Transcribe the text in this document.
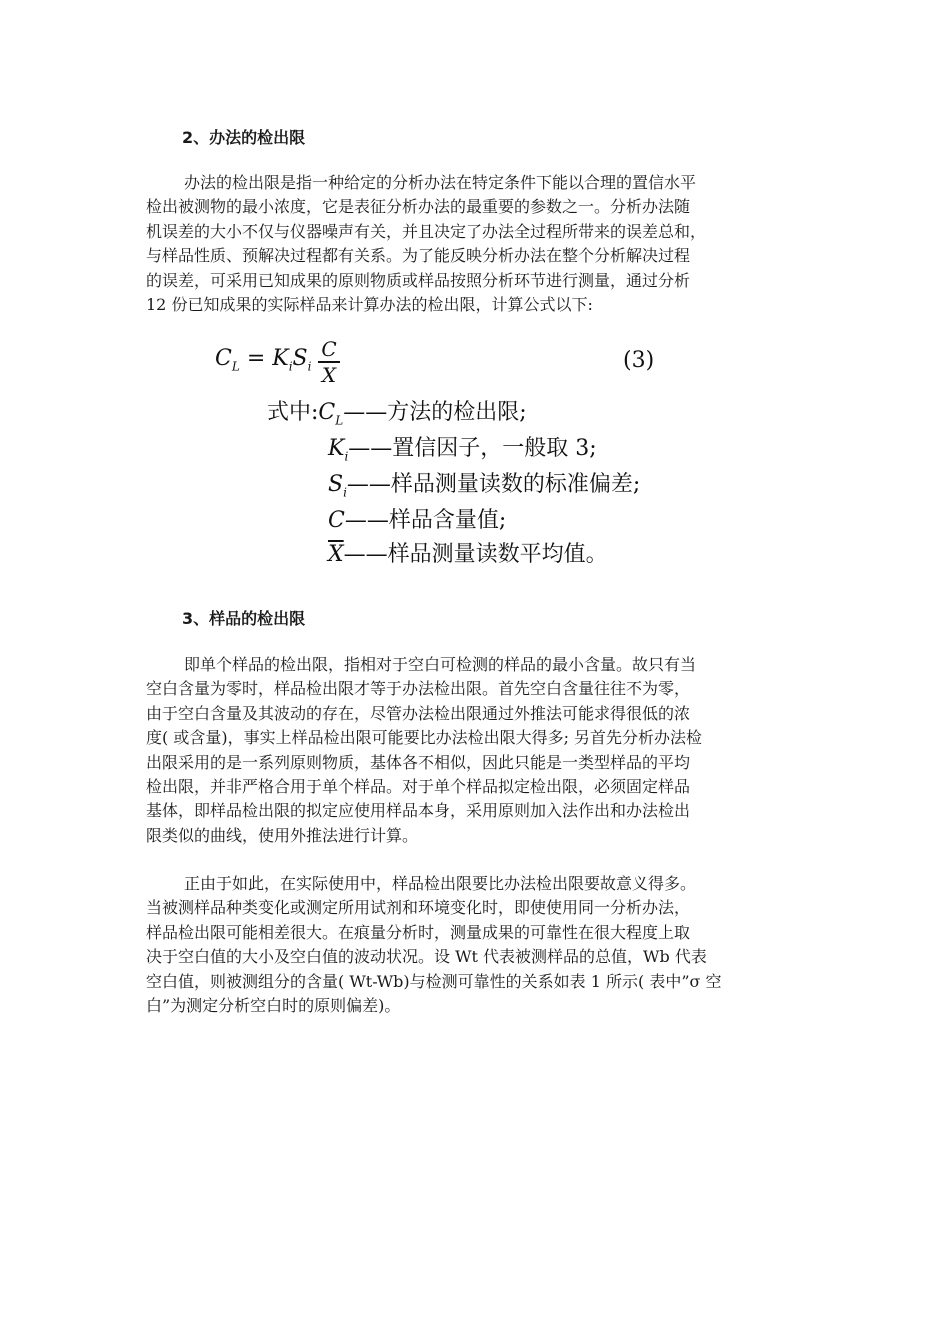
2、办法的检出限
办法的检出限是指一种给定的分析办法在特定条件下能以合理的置信水平
检出被测物的最小浓度，它是表征分析办法的最重要的参数之一。分析办法随
机误差的大小不仅与仪器噪声有关，并且决定了办法全过程所带来的误差总和，
与样品性质、预解决过程都有关系。为了能反映分析办法在整个分析解决过程
的误差，可采用已知成果的原则物质或样品按照分析环节进行测量，通过分析
12 份已知成果的实际样品来计算办法的检出限，计算公式以下:
$C_L = K_iS_i \frac{C}{X}$	(3)
式中$:C_L——$方法的检出限;
$K_i——$置信因子，一般取 3;
$S_i——$样品测量读数的标准偏差;
C——样品含量值;
$\overline{X}——$样品测量读数平均值。
3、样品的检出限
即单个样品的检出限，指相对于空白可检测的样品的最小含量。故只有当
空白含量为零时，样品检出限才等于办法检出限。首先空白含量往往不为零，
由于空白含量及其波动的存在，尽管办法检出限通过外推法可能求得很低的浓
度( 或含量)，事实上样品检出限可能要比办法检出限大得多; 另首先分析办法检
出限采用的是一系列原则物质，基体各不相似，因此只能是一类型样品的平均
检出限，并非严格合用于单个样品。对于单个样品拟定检出限，必须固定样品
基体，即样品检出限的拟定应使用样品本身，采用原则加入法作出和办法检出
限类似的曲线，使用外推法进行计算。
正由于如此，在实际使用中，样品检出限要比办法检出限要故意义得多。
当被测样品种类变化或测定所用试剂和环境变化时，即使使用同一分析办法，
样品检出限可能相差很大。在痕量分析时，测量成果的可靠性在很大程度上取
决于空白值的大小及空白值的波动状况。设 Wt 代表被测样品的总值，Wb 代表
空白值，则被测组分的含量( Wt-Wb)与检测可靠性的关系如表 1 所示( 表中”σ 空
白”为测定分析空白时的原则偏差)。
